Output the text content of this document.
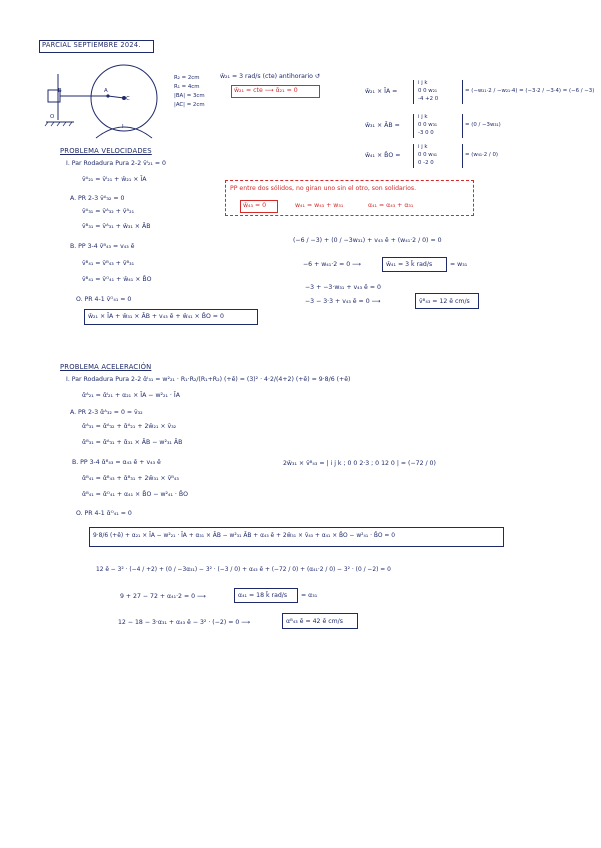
PARCIAL SEPTIEMBRE 2024.
B
C
A
I
O
R₂ = 2cm
R₁ = 4cm
|BA| = 3cm
|AC| = 2cm
w̄₂₁ = 3 rad/s (cte) antihorario ↺
w̄₂₁ = cte ⟶ ᾱ₂₁ = 0	w̄₂₁ × ĪA =
i j k
0 0 w₂₁
-4 +2 0
= (−w₂₁·2 / −w₂₁·4) = (−3·2 / −3·4) = (−6 / −3)
w̄₃₁ × ĀB =
i j k
0 0 w₃₁
-3 0 0
= (0 / −3w₃₁)
w̄₄₁ × B̄O =
i j k
0 0 w₄₁
0 -2 0
= (w₄₁·2 / 0)
PROBLEMA VELOCIDADES
I. Par Rodadura Pura 2-2 v̄ᴵ₂₁ = 0
v̄ᴬ₂₁ = v̄ᴵ₂₁ + w̄₂₁ × ĪA
A. PR 2-3 v̄ᴬ₃₂ = 0
v̄ᴬ₃₁ = v̄ᴬ₃₂ + v̄ᴬ₂₁
v̄ᴮ₃₁ = v̄ᴬ₃₁ + w̄₃₁ × ĀB
B. PP 3-4 v̄ᴮ₄₃ = v₄₃ ē
v̄ᴮ₄₁ = v̄ᴮ₄₃ + v̄ᴮ₃₁
v̄ᴮ₄₁ = v̄ᴼ₄₁ + w̄₄₁ × B̄O
O. PR 4-1 v̄ᴼ₄₁ = 0
w̄₂₁ × ĪA + w̄₃₁ × ĀB + v₄₃ ē + w̄₄₁ × B̄O = 0
PP entre dos sólidos, no giran uno sin el otro, son solidarios.
w̄₄₃ = 0	w₄₁ = w₄₃ + w₃₁	α₄₁ = α₄₃ + α₃₁
(−6 / −3) + (0 / −3w₃₁) + v₄₃ ē + (w₄₁·2 / 0) = 0
−6 + w₄₁·2 = 0 ⟶	w̄₄₁ = 3 k̄ rad/s	= w₃₁
−3 + −3·w₃₁ + v₄₃ ē = 0
−3 − 3·3 + v₄₃ ē = 0 ⟶	v̄ᴮ₄₃ = 12 ē cm/s
PROBLEMA ACELERACIÓN
I. Par Rodadura Pura 2-2 ᾱᴵ₃₁ = w²₂₁ · R₁·R₂/(R₁+R₂) (+ē) = (3)² · 4·2/(4+2) (+ē) = 9·8/6 (+ē)
ᾱᴬ₂₁ = ᾱᴵ₂₁ + α₂₁ × ĪA − w²₂₁ · ĪA
A. PR 2-3 ᾱᴬ₃₂ = 0 = v̄₃₂
ᾱᴬ₃₁ = ᾱᴬ₃₂ + ᾱᴬ₂₁ + 2w̄₂₁ × v̄₃₂
ᾱᴮ₃₁ = ᾱᴬ₃₁ + ᾱ₃₁ × ĀB − w²₃₁ ĀB
B. PP 3-4 ᾱᴮ₄₃ = α₄₃ ē + v₄₃ ē
ᾱᴮ₄₁ = ᾱᴮ₄₃ + ᾱᴮ₃₁ + 2w̄₃₁ × v̄ᴮ₄₃
ᾱᴮ₄₁ = ᾱᴼ₄₁ + α₄₁ × B̄O − w²₄₁ · B̄O
O. PR 4-1 ᾱᴼ₄₁ = 0
2w̄₃₁ × v̄ᴮ₄₃ = | i j k ; 0 0 2·3 ; 0 12 0 | = (−72 / 0)
9·8/6 (+ē) + α₂₁ × ĪA − w²₂₁ · ĪA + α₃₁ × ĀB − w²₃₁ ĀB + α₄₃ ē + 2w̄₃₁ × v̄₄₃ + α₄₁ × B̄O − w²₄₁ · B̄O = 0
12 ē − 3² · (−4 / +2) + (0 / −3α₃₁) − 3² · (−3 / 0) + α₄₃ ē + (−72 / 0) + (α₄₁·2 / 0) − 3² · (0 / −2) = 0
9 + 27 − 72 + α₄₁·2 = 0 ⟶	α₄₁ = 18 k̄ rad/s = α₃₁
12 − 18 − 3·α₃₁ + α₄₃ ē − 3² · (−2) = 0 ⟶	αᴮ₄₃ ē = 42 ē cm/s
